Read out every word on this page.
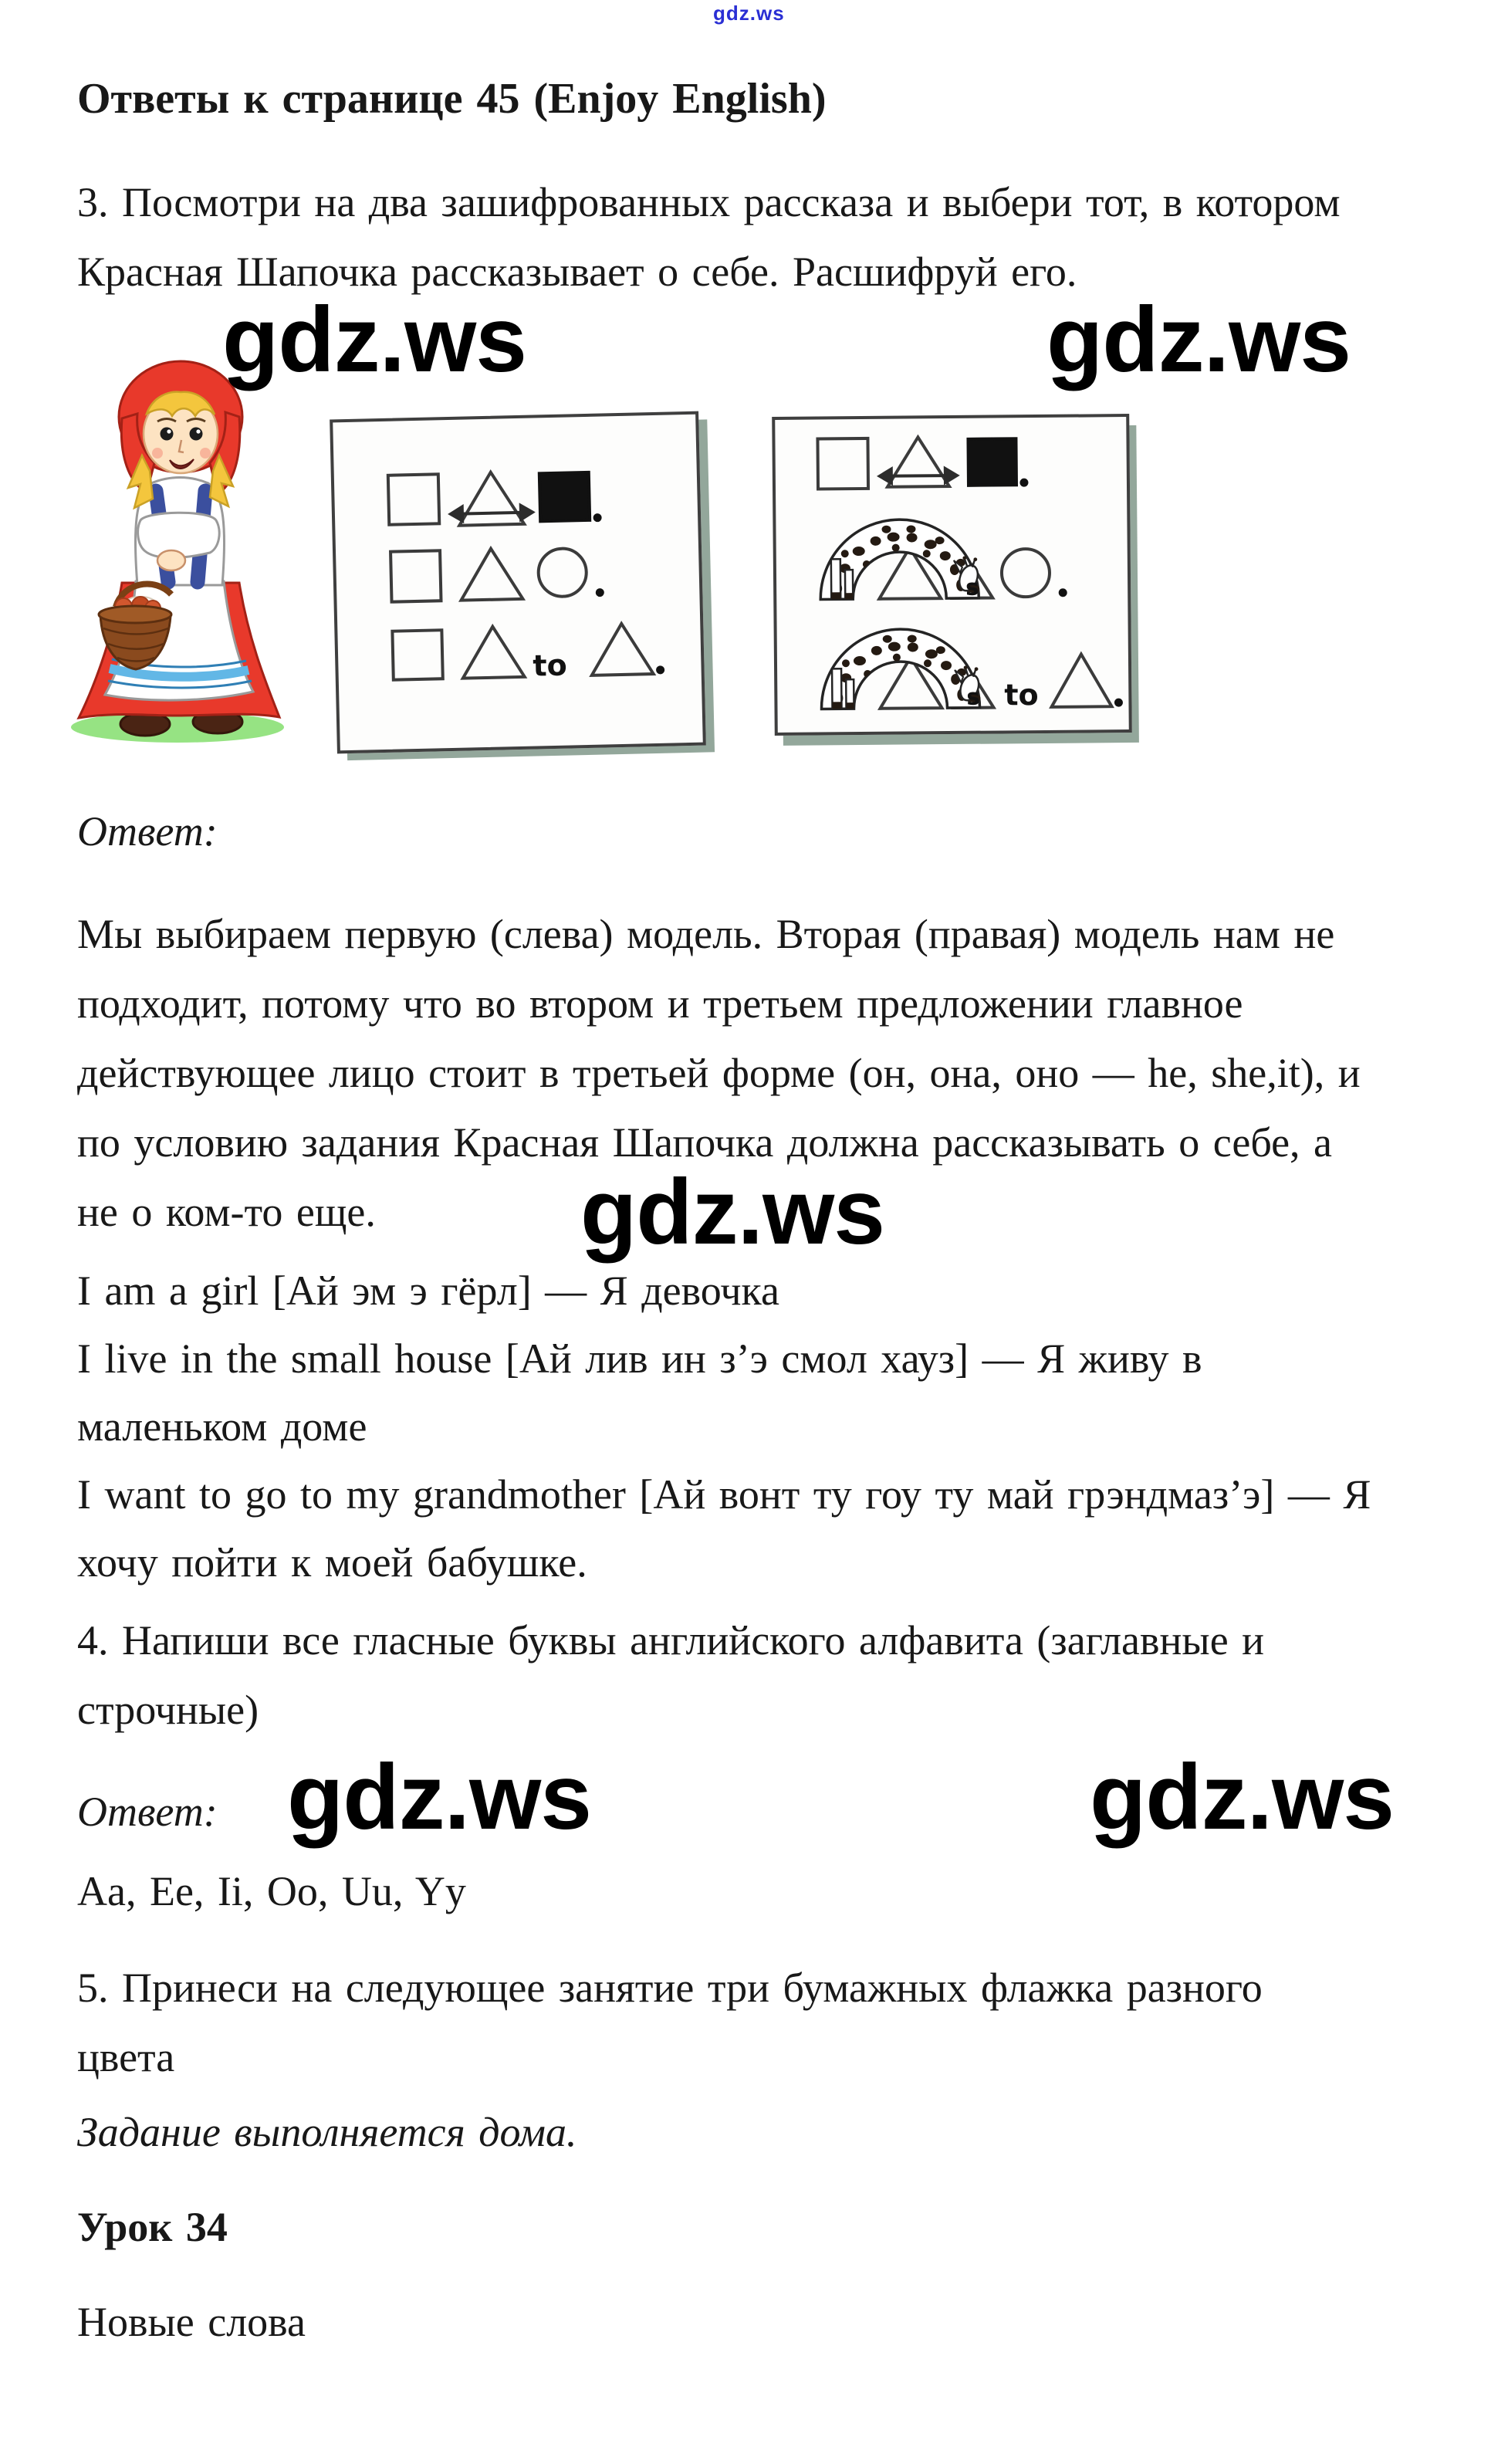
gdz.ws
Ответы к странице 45 (Enjoy English)
3. Посмотри на два зашифрованных рассказа и выбери тот, в котором
Красная Шапочка рассказывает о себе. Расшифруй его.
gdz.ws	gdz.ws
to
s
s to
Ответ:
Мы выбираем первую (слева) модель. Вторая (правая) модель нам не
подходит, потому что во втором и третьем предложении главное
действующее лицо стоит в третьей форме (он, она, оно — he, she,it), и
по условию задания Красная Шапочка должна рассказывать о себе, а
не о ком-то еще.	gdz.ws
I am a girl [Ай эм э гёрл] — Я девочка
I live in the small house [Ай лив ин з’э смол хауз] — Я живу в
маленьком доме
I want to go to my grandmother [Ай вонт ту гоу ту май грэндмаз’э] — Я
хочу пойти к моей бабушке.
4. Напиши все гласные буквы английского алфавита (заглавные и
строчные)
Ответ: gdz.ws	gdz.ws
Aa, Ee, Ii, Oo, Uu, Yy
5. Принеси на следующее занятие три бумажных флажка разного
цвета
Задание выполняется дома.
Урок 34
Новые слова
